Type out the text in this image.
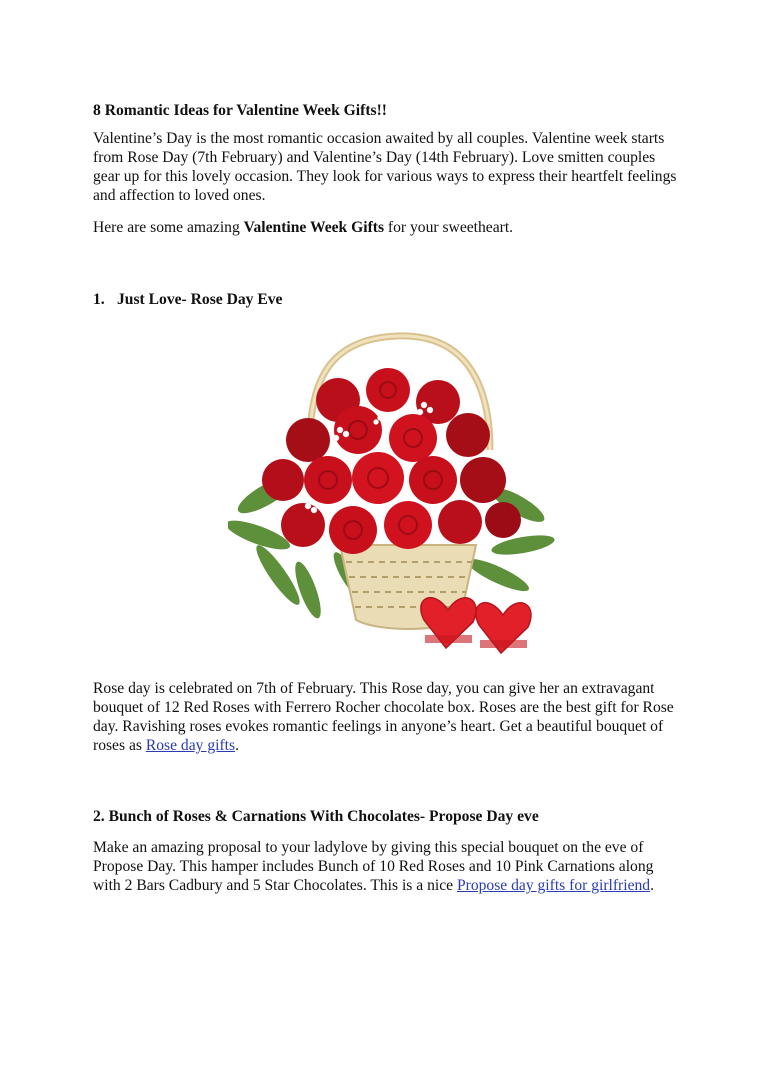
8 Romantic Ideas for Valentine Week Gifts!!

Valentine’s Day is the most romantic occasion awaited by all couples. Valentine week starts from Rose Day (7th February) and Valentine’s Day (14th February). Love smitten couples gear up for this lovely occasion. They look for various ways to express their heartfelt feelings and affection to loved ones.

Here are some amazing Valentine Week Gifts for your sweetheart.

1. Just Love- Rose Day Eve

Rose day is celebrated on 7th of February. This Rose day, you can give her an extravagant bouquet of 12 Red Roses with Ferrero Rocher chocolate box. Roses are the best gift for Rose day. Ravishing roses evokes romantic feelings in anyone’s heart. Get a beautiful bouquet of roses as Rose day gifts.

2. Bunch of Roses & Carnations With Chocolates- Propose Day eve

Make an amazing proposal to your ladylove by giving this special bouquet on the eve of Propose Day. This hamper includes Bunch of 10 Red Roses and 10 Pink Carnations along with 2 Bars Cadbury and 5 Star Chocolates. This is a nice Propose day gifts for girlfriend.
